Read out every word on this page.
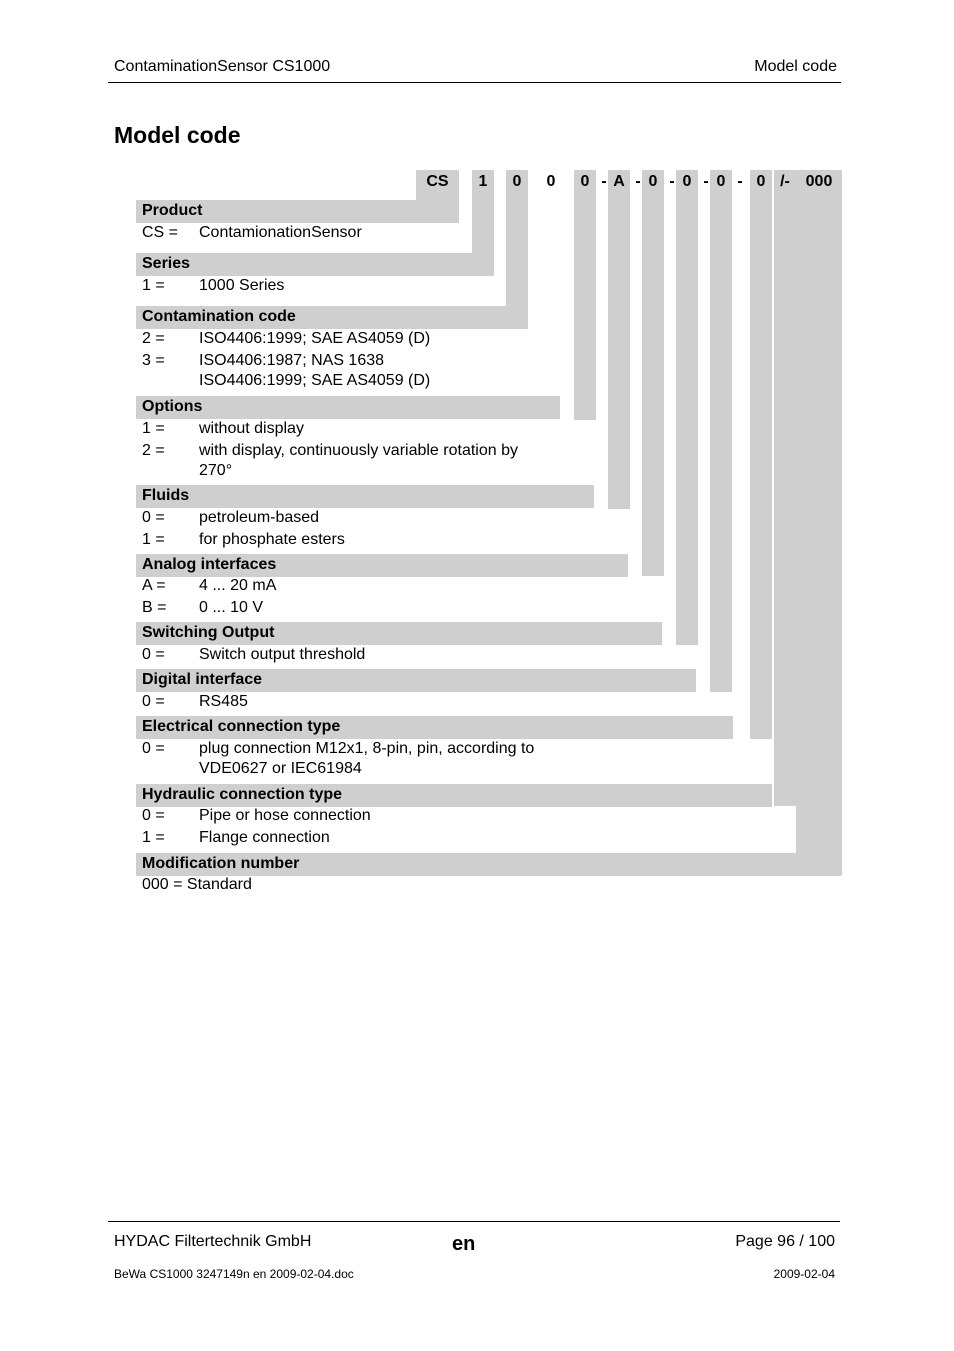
ContaminationSensor CS1000	Model code
Model code
CS	1	0	0	0 - A - 0 - 0 - 0 - 0 /- 000
Product
CS = ContamionationSensor
Series
1 = 1000 Series
Contamination code
2 = ISO4406:1999; SAE AS4059 (D)
3 = ISO4406:1987; NAS 1638
ISO4406:1999; SAE AS4059 (D)
Options
1 = without display
2 = with display, continuously variable rotation by
270°
Fluids
0 = petroleum-based
1 = for phosphate esters
Analog interfaces
A = 4 ... 20 mA
B = 0 ... 10 V
Switching Output
0 = Switch output threshold
Digital interface
0 = RS485
Electrical connection type
0 = plug connection M12x1, 8-pin, pin, according to
VDE0627 or IEC61984
Hydraulic connection type
0 = Pipe or hose connection
1 = Flange connection
Modification number
000 = Standard
HYDAC Filtertechnik GmbH	en	Page 96 / 100
BeWa CS1000 3247149n en 2009-02-04.doc	2009-02-04
